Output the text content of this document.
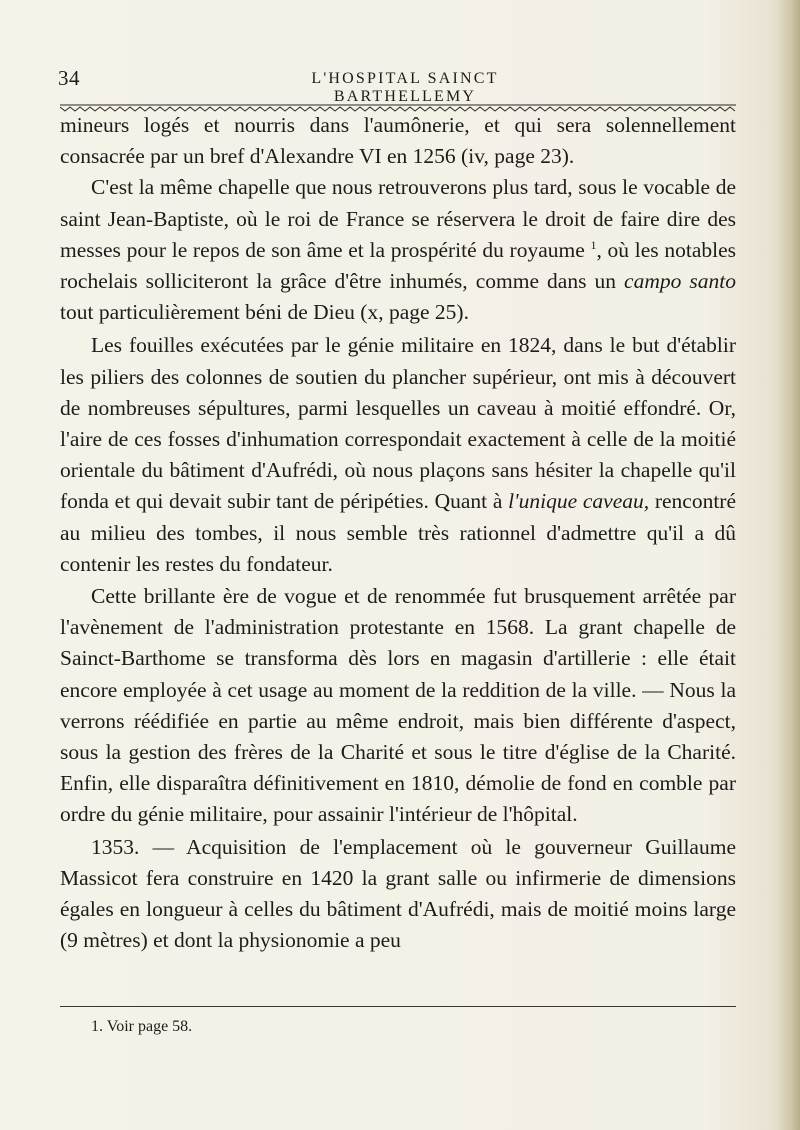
34	L'HOSPITAL SAINCT BARTHELLEMY

mineurs logés et nourris dans l'aumônerie, et qui sera solennellement consacrée par un bref d'Alexandre VI en 1256 (iv, page 23).

C'est la même chapelle que nous retrouverons plus tard, sous le vocable de saint Jean-Baptiste, où le roi de France se réservera le droit de faire dire des messes pour le repos de son âme et la prospérité du royaume $^1$, où les notables rochelais solliciteront la grâce d'être inhumés, comme dans un campo santo tout particulièrement béni de Dieu (x, page 25).

Les fouilles exécutées par le génie militaire en 1824, dans le but d'établir les piliers des colonnes de soutien du plancher supérieur, ont mis à découvert de nombreuses sépultures, parmi lesquelles un caveau à moitié effondré. Or, l'aire de ces fosses d'inhumation correspondait exactement à celle de la moitié orientale du bâtiment d'Aufrédi, où nous plaçons sans hésiter la chapelle qu'il fonda et qui devait subir tant de péripéties. Quant à l'unique caveau, rencontré au milieu des tombes, il nous semble très rationnel d'admettre qu'il a dû contenir les restes du fondateur.

Cette brillante ère de vogue et de renommée fut brusquement arrêtée par l'avènement de l'administration protestante en 1568. La grant chapelle de Sainct-Barthome se transforma dès lors en magasin d'artillerie : elle était encore employée à cet usage au moment de la reddition de la ville. — Nous la verrons réédifiée en partie au même endroit, mais bien différente d'aspect, sous la gestion des frères de la Charité et sous le titre d'église de la Charité. Enfin, elle disparaîtra définitivement en 1810, démolie de fond en comble par ordre du génie militaire, pour assainir l'intérieur de l'hôpital.

1353. — Acquisition de l'emplacement où le gouverneur Guillaume Massicot fera construire en 1420 la grant salle ou infirmerie de dimensions égales en longueur à celles du bâtiment d'Aufrédi, mais de moitié moins large (9 mètres) et dont la physionomie a peu

1. Voir page 58.
